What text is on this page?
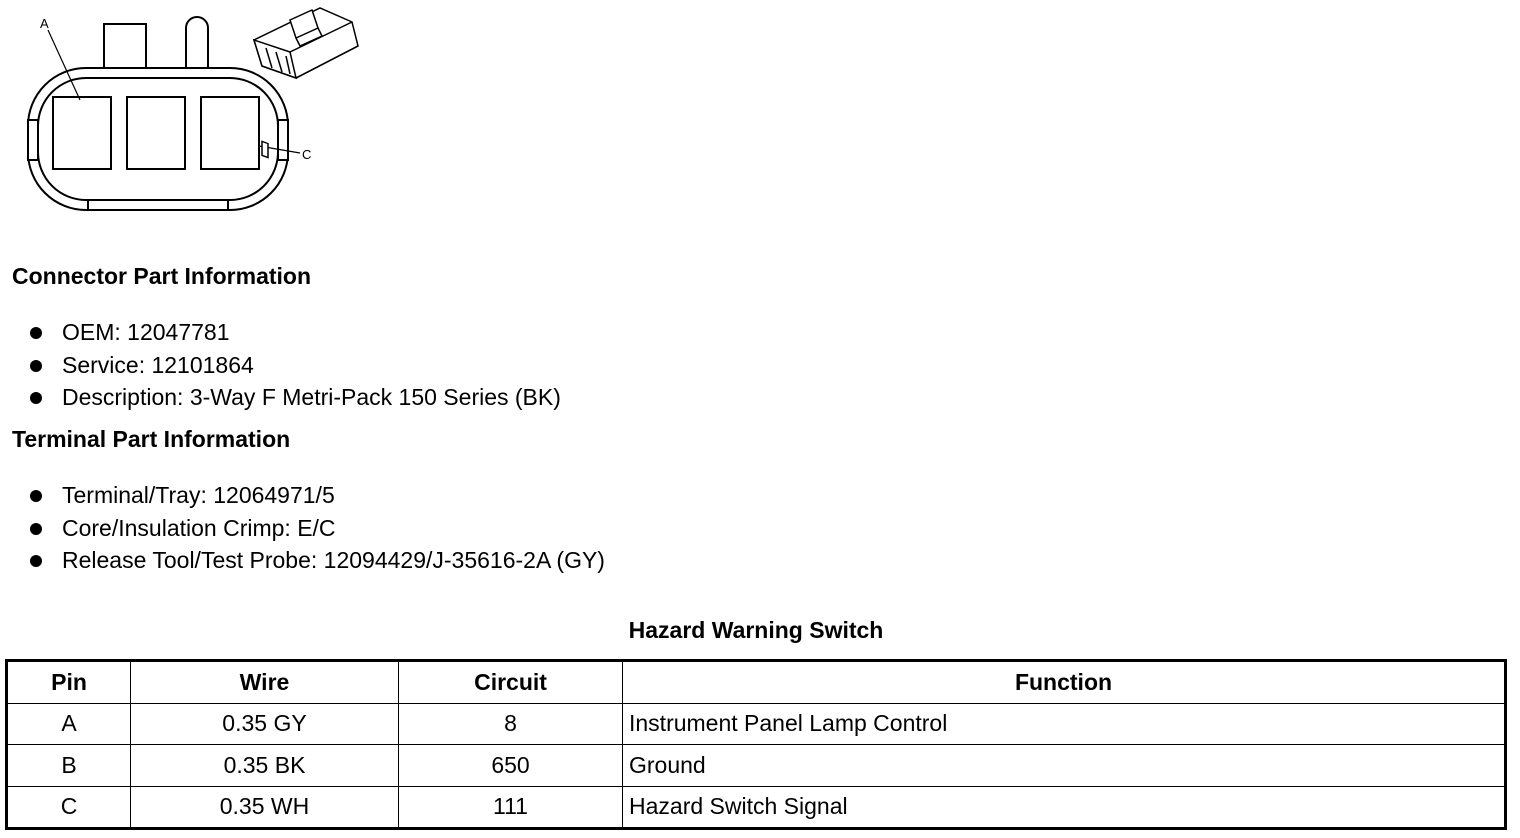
A
C
Connector Part Information
OEM: 12047781
Service: 12101864
Description: 3-Way F Metri-Pack 150 Series (BK)
Terminal Part Information
Terminal/Tray: 12064971/5
Core/Insulation Crimp: E/C
Release Tool/Test Probe: 12094429/J-35616-2A (GY)
Hazard Warning Switch
Pin	Wire	Circuit	Function
A	0.35 GY	8	Instrument Panel Lamp Control
B	0.35 BK	650	Ground
C	0.35 WH	111	Hazard Switch Signal
